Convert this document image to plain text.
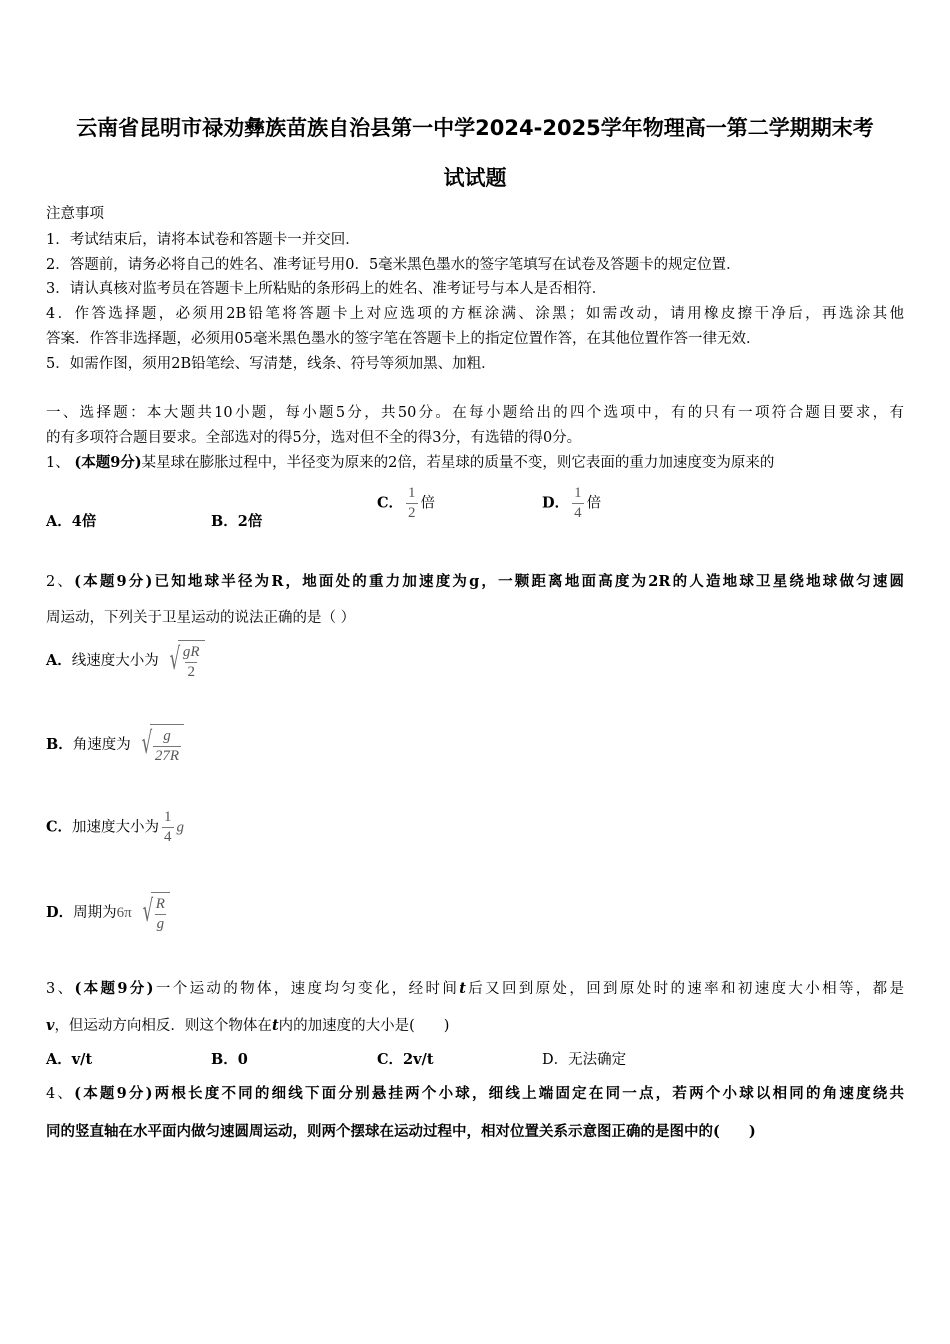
云南省昆明市禄劝彝族苗族自治县第一中学2024-2025学年物理高一第二学期期末考
试试题
注意事项
1．考试结束后，请将本试卷和答题卡一并交回．
2．答题前，请务必将自己的姓名、准考证号用0．5毫米黑色墨水的签字笔填写在试卷及答题卡的规定位置．
3．请认真核对监考员在答题卡上所粘贴的条形码上的姓名、准考证号与本人是否相符．
4．作答选择题，必须用2B铅笔将答题卡上对应选项的方框涂满、涂黑；如需改动，请用橡皮擦干净后，再选涂其他
答案．作答非选择题，必须用05毫米黑色墨水的签字笔在答题卡上的指定位置作答，在其他位置作答一律无效．
5．如需作图，须用2B铅笔绘、写清楚，线条、符号等须加黑、加粗．
一、选择题：本大题共10小题，每小题5分，共50分。在每小题给出的四个选项中，有的只有一项符合题目要求，有
的有多项符合题目要求。全部选对的得5分，选对但不全的得3分，有选错的得0分。
1、 (本题9分)某星球在膨胀过程中，半径变为原来的2倍，若星球的质量不变，则它表面的重力加速度变为原来的
A．4倍	B．2倍
C． $\frac{1}{2}$ 倍	D． $\frac{1}{4}$ 倍
2、(本题9分)已知地球半径为R，地面处的重力加速度为g，一颗距离地面高度为2R的人造地球卫星绕地球做匀速圆
周运动，下列关于卫星运动的说法正确的是（ ）
A．线速度大小为 √ $\frac{gR}{2}$
B．角速度为 √ $\frac{g}{27R}$
C．加速度大小为 $\frac{1}{4}$ g
D．周期为6π √ $\frac{R}{g}$
3、(本题9分)一个运动的物体，速度均匀变化，经时间t后又回到原处，回到原处时的速率和初速度大小相等，都是
v，但运动方向相反．则这个物体在t内的加速度的大小是(　　)
A．v/t	B．0	C．2v/t	D．无法确定
4、(本题9分)两根长度不同的细线下面分别悬挂两个小球，细线上端固定在同一点，若两个小球以相同的角速度绕共
同的竖直轴在水平面内做匀速圆周运动，则两个摆球在运动过程中，相对位置关系示意图正确的是图中的(　　)
